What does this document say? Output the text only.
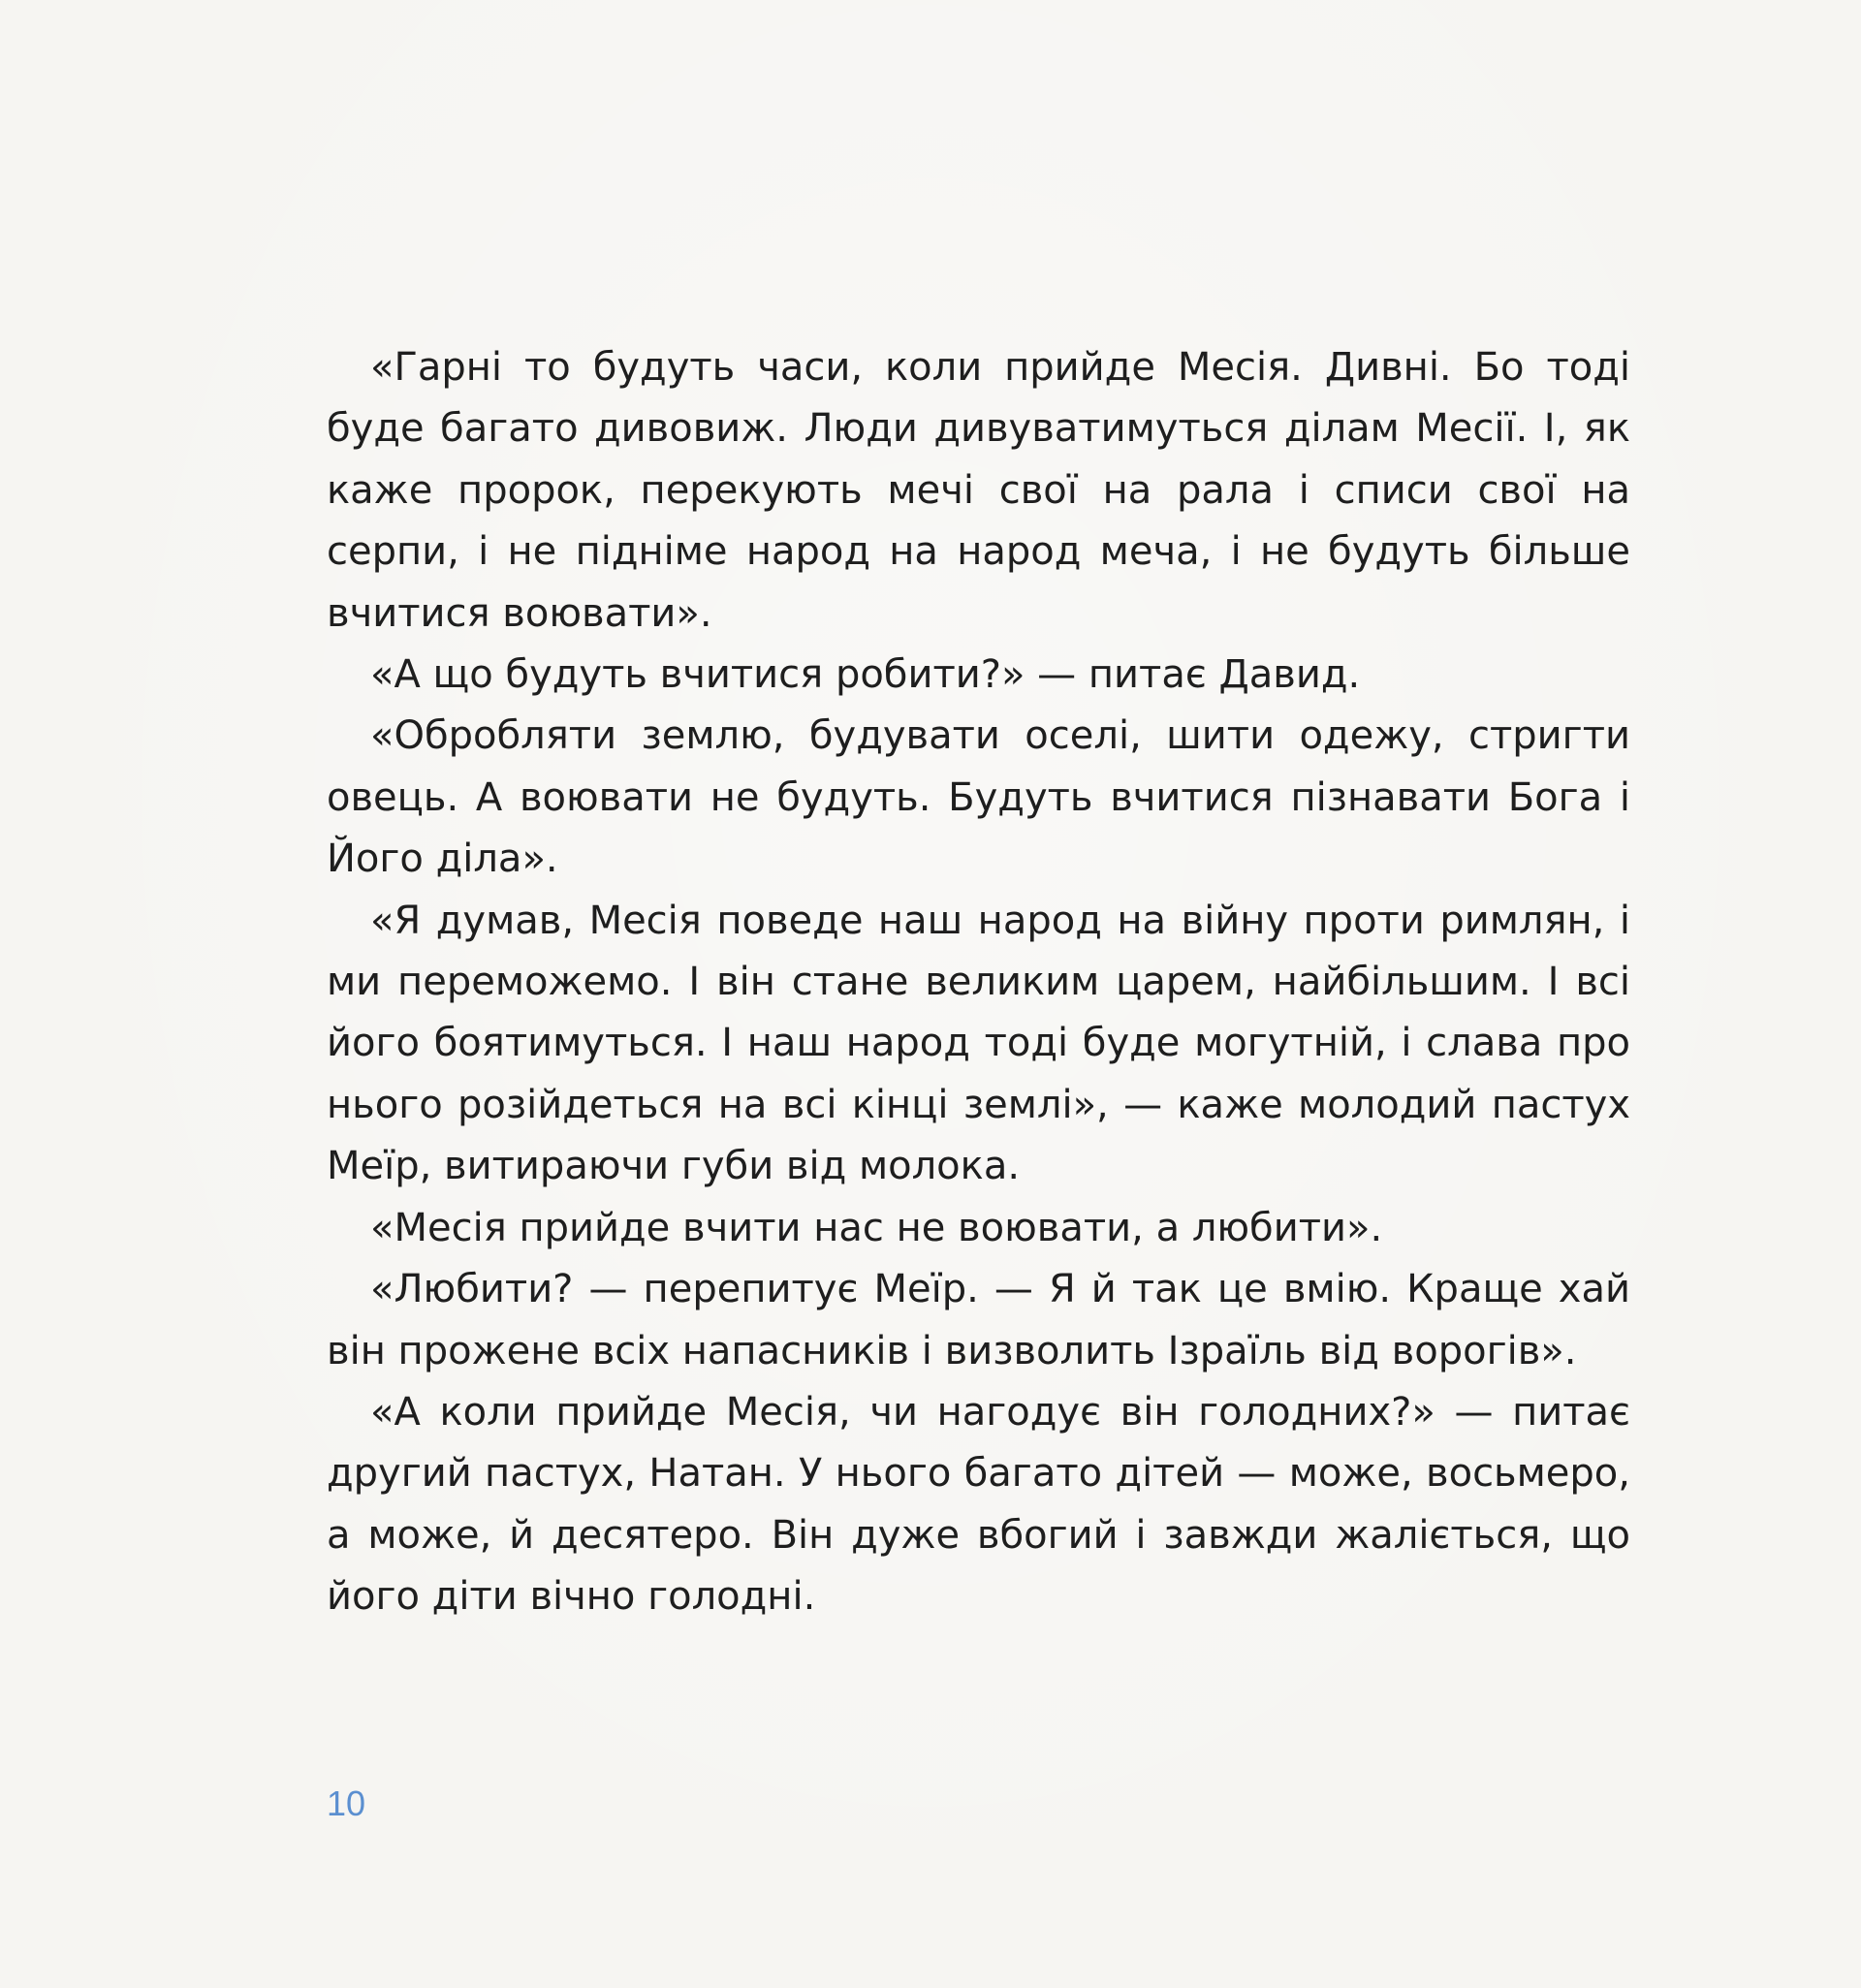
«Гарні то будуть часи, коли прийде Месія. Дивні. Бо тоді буде багато дивовиж. Люди дивуватимуться ділам Месії. І, як каже пророк, перекують мечі свої на рала і списи свої на серпи, і не підніме народ на народ меча, і не будуть більше вчитися воювати».

«А що будуть вчитися робити?» — питає Давид.

«Обробляти землю, будувати оселі, шити одежу, стригти овець. А воювати не будуть. Будуть вчитися пізнавати Бога і Його діла».

«Я думав, Месія поведе наш народ на війну проти римлян, і ми переможемо. І він стане великим царем, найбільшим. І всі його боятимуться. І наш народ тоді буде могутній, і слава про нього розійдеться на всі кінці землі», — каже молодий пастух Меїр, витираючи губи від молока.

«Месія прийде вчити нас не воювати, а любити».

«Любити? — перепитує Меїр. — Я й так це вмію. Краще хай він прожене всіх напасників і визволить Ізраїль від ворогів».

«А коли прийде Месія, чи нагодує він голодних?» — питає другий пастух, Натан. У нього багато дітей — може, восьмеро, а може, й десятеро. Він дуже вбогий і завжди жаліється, що його діти вічно голодні.

10
